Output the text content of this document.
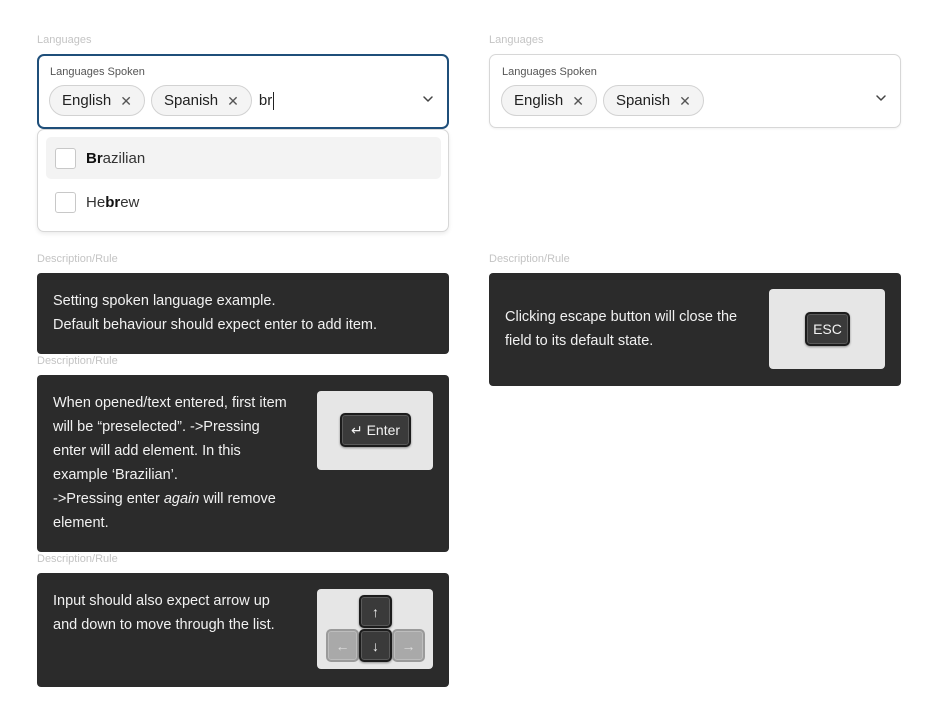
Languages
Languages Spoken
English ✕ Spanish ✕ br
Brazilian
Hebrew
Languages
Languages Spoken
English ✕ Spanish ✕
Description/Rule
Setting spoken language example.
Default behaviour should expect enter to add item.
Description/Rule
Clicking escape button will close the
field to its default state.
ESC
Description/Rule
When opened/text entered, first item
will be “preselected”. ->Pressing
enter will add element. In this
example ‘Brazilian’.
->Pressing enter again will remove
element.
↵ Enter
Description/Rule
Input should also expect arrow up
and down to move through the list.
↑
←	↓	→
